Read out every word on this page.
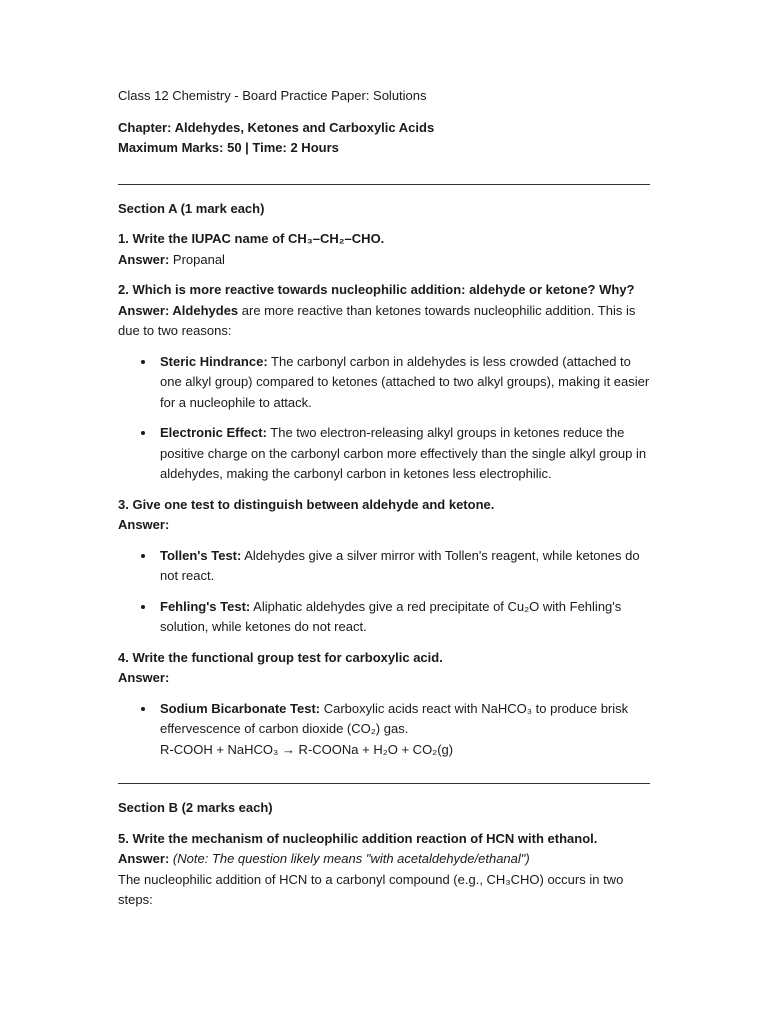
Class 12 Chemistry - Board Practice Paper: Solutions

Chapter: Aldehydes, Ketones and Carboxylic Acids

Maximum Marks: 50 | Time: 2 Hours

Section A (1 mark each)

1. Write the IUPAC name of CH₃–CH₂–CHO.

Answer: Propanal

2. Which is more reactive towards nucleophilic addition: aldehyde or ketone? Why?

Answer: Aldehydes are more reactive than ketones towards nucleophilic addition. This is due to two reasons:

Steric Hindrance: The carbonyl carbon in aldehydes is less crowded (attached to one alkyl group) compared to ketones (attached to two alkyl groups), making it easier for a nucleophile to attack.
Electronic Effect: The two electron-releasing alkyl groups in ketones reduce the positive charge on the carbonyl carbon more effectively than the single alkyl group in aldehydes, making the carbonyl carbon in ketones less electrophilic.

3. Give one test to distinguish between aldehyde and ketone.

Answer:

Tollen's Test: Aldehydes give a silver mirror with Tollen's reagent, while ketones do not react.
Fehling's Test: Aliphatic aldehydes give a red precipitate of Cu₂O with Fehling's solution, while ketones do not react.

4. Write the functional group test for carboxylic acid.

Answer:

Sodium Bicarbonate Test: Carboxylic acids react with NaHCO₃ to produce brisk effervescence of carbon dioxide (CO₂) gas.
R-COOH + NaHCO₃ → R-COONa + H₂O + CO₂(g)

Section B (2 marks each)

5. Write the mechanism of nucleophilic addition reaction of HCN with ethanol.

Answer: (Note: The question likely means "with acetaldehyde/ethanal")

The nucleophilic addition of HCN to a carbonyl compound (e.g., CH₃CHO) occurs in two steps:
